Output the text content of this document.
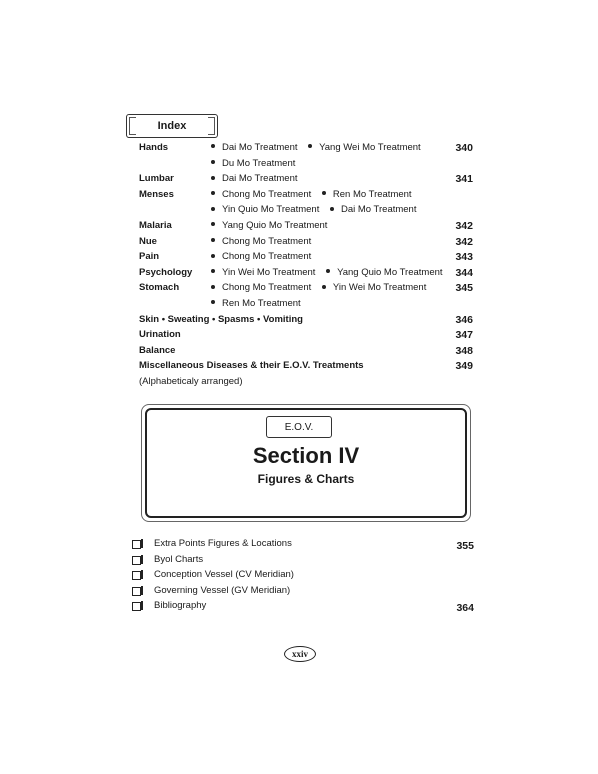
Index
Hands	Dai Mo Treatment Yang Wei Mo Treatment	340
Du Mo Treatment
Lumbar	Dai Mo Treatment	341
Menses	Chong Mo Treatment Ren Mo Treatment
Yin Quio Mo Treatment Dai Mo Treatment
Malaria	Yang Quio Mo Treatment	342
Nue	Chong Mo Treatment	342
Pain	Chong Mo Treatment	343
Psychology	Yin Wei Mo Treatment Yang Quio Mo Treatment	344
Stomach	Chong Mo Treatment Yin Wei Mo Treatment	345
Ren Mo Treatment
Skin • Sweating • Spasms • Vomiting	346
Urination	347
Balance	348
Miscellaneous Diseases & their E.O.V. Treatments	349
(Alphabeticaly arranged)
E.O.V.
Section IV
Figures & Charts
Extra Points Figures & Locations	355
Byol Charts
Conception Vessel (CV Meridian)
Governing Vessel (GV Meridian)
Bibliography	364
xxiv
